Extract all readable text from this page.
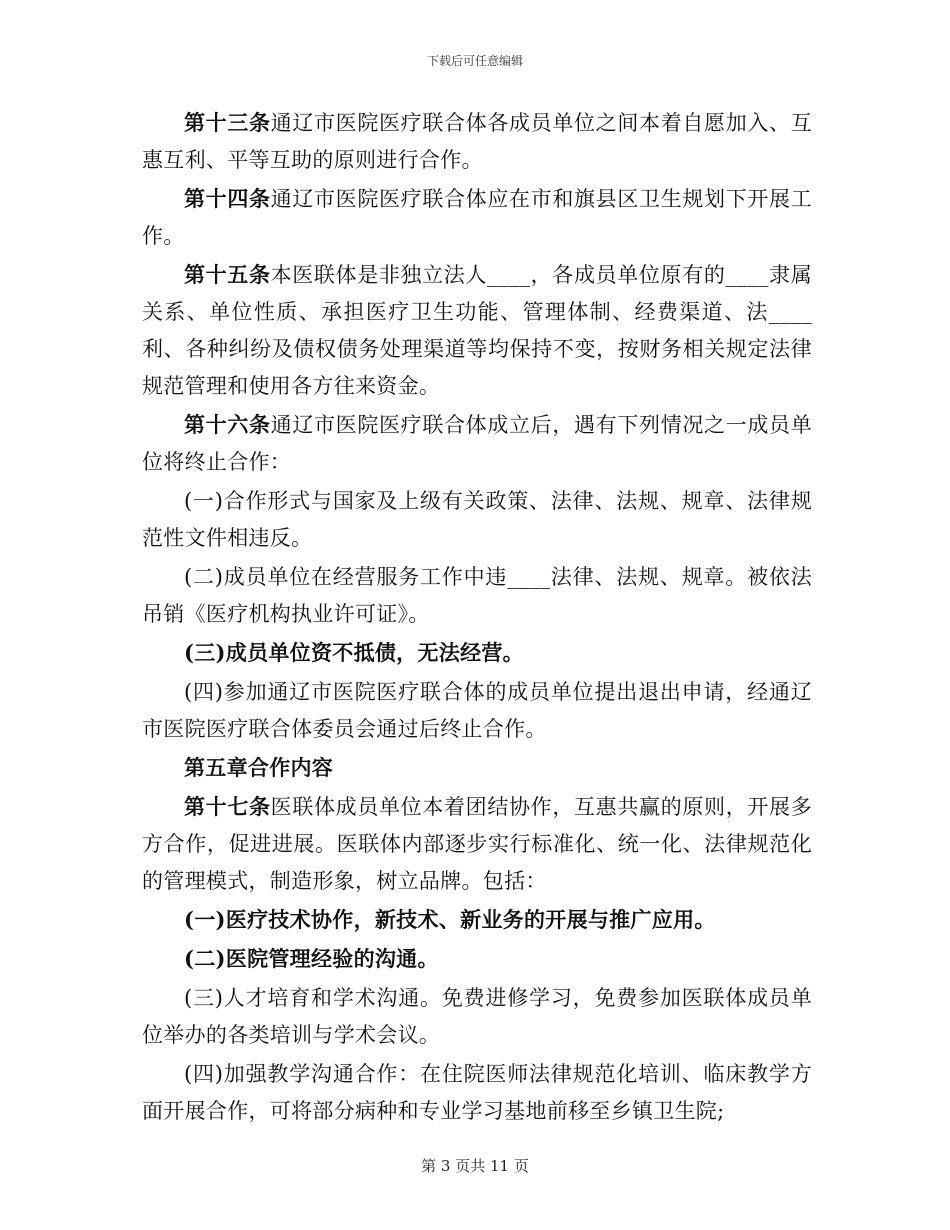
下载后可任意编辑

第十三条通辽市医院医疗联合体各成员单位之间本着自愿加入、互惠互利、平等互助的原则进行合作。

第十四条通辽市医院医疗联合体应在市和旗县区卫生规划下开展工作。

第十五条本医联体是非独立法人____，各成员单位原有的____隶属关系、单位性质、承担医疗卫生功能、管理体制、经费渠道、法____利、各种纠纷及债权债务处理渠道等均保持不变，按财务相关规定法律规范管理和使用各方往来资金。

第十六条通辽市医院医疗联合体成立后，遇有下列情况之一成员单位将终止合作：

(一)合作形式与国家及上级有关政策、法律、法规、规章、法律规范性文件相违反。

(二)成员单位在经营服务工作中违____法律、法规、规章。被依法吊销《医疗机构执业许可证》。

(三)成员单位资不抵债，无法经营。

(四)参加通辽市医院医疗联合体的成员单位提出退出申请，经通辽市医院医疗联合体委员会通过后终止合作。

第五章合作内容

第十七条医联体成员单位本着团结协作，互惠共赢的原则，开展多方合作，促进进展。医联体内部逐步实行标准化、统一化、法律规范化的管理模式，制造形象，树立品牌。包括：

(一)医疗技术协作，新技术、新业务的开展与推广应用。

(二)医院管理经验的沟通。

(三)人才培育和学术沟通。免费进修学习，免费参加医联体成员单位举办的各类培训与学术会议。

(四)加强教学沟通合作：在住院医师法律规范化培训、临床教学方面开展合作，可将部分病种和专业学习基地前移至乡镇卫生院;

第 3 页共 11 页
